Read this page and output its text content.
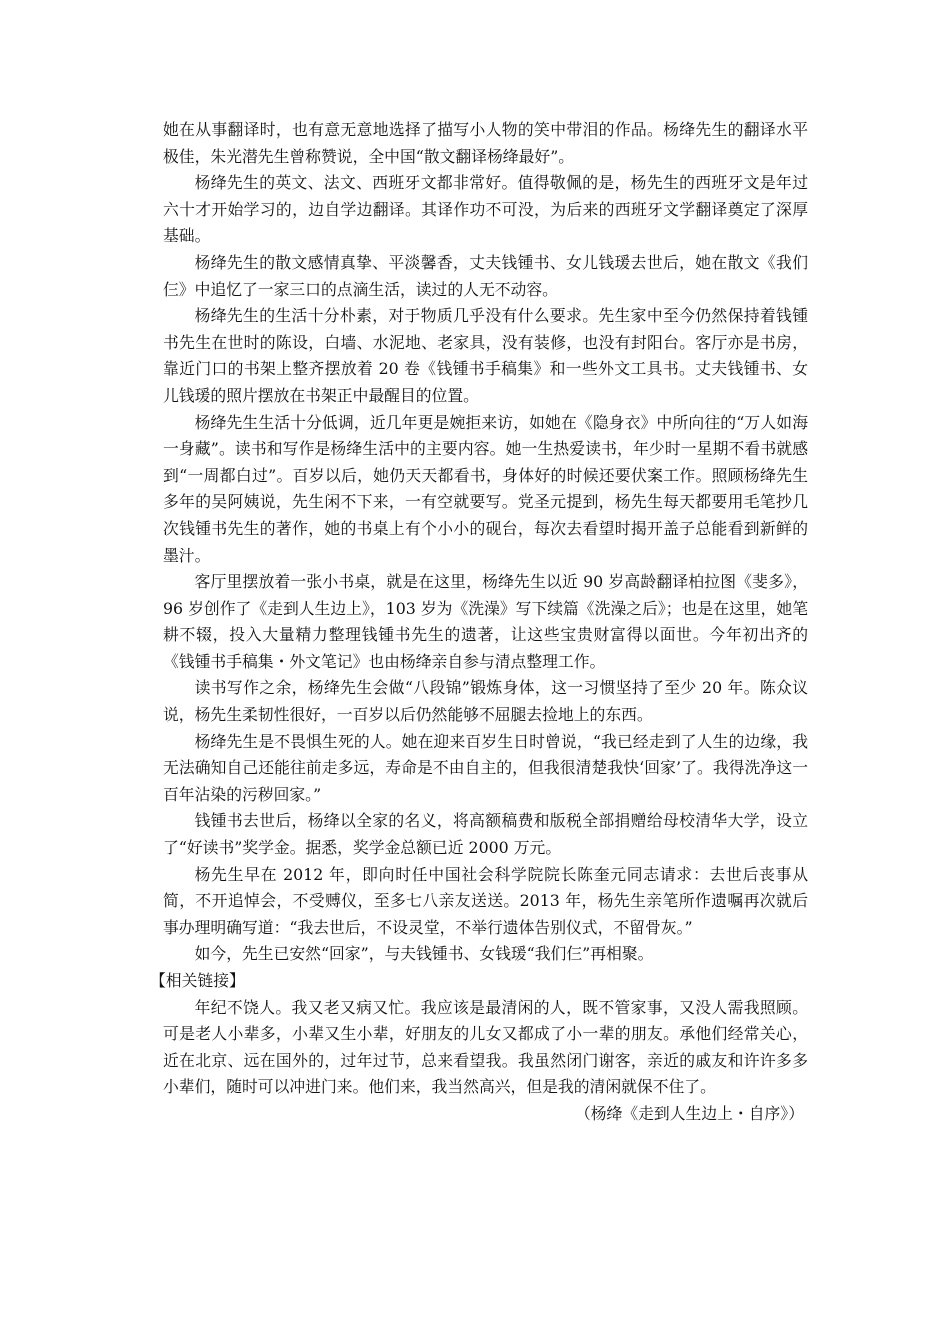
她在从事翻译时，也有意无意地选择了描写小人物的笑中带泪的作品。杨绛先生的翻译水平极佳，朱光潜先生曾称赞说，全中国“散文翻译杨绛最好”。

杨绛先生的英文、法文、西班牙文都非常好。值得敬佩的是，杨先生的西班牙文是年过六十才开始学习的，边自学边翻译。其译作功不可没，为后来的西班牙文学翻译奠定了深厚基础。

杨绛先生的散文感情真挚、平淡馨香，丈夫钱锺书、女儿钱瑗去世后，她在散文《我们仨》中追忆了一家三口的点滴生活，读过的人无不动容。

杨绛先生的生活十分朴素，对于物质几乎没有什么要求。先生家中至今仍然保持着钱锺书先生在世时的陈设，白墙、水泥地、老家具，没有装修，也没有封阳台。客厅亦是书房，靠近门口的书架上整齐摆放着 20 卷《钱锺书手稿集》和一些外文工具书。丈夫钱锺书、女儿钱瑗的照片摆放在书架正中最醒目的位置。

杨绛先生生活十分低调，近几年更是婉拒来访，如她在《隐身衣》中所向往的“万人如海一身藏”。读书和写作是杨绛生活中的主要内容。她一生热爱读书，年少时一星期不看书就感到“一周都白过”。百岁以后，她仍天天都看书，身体好的时候还要伏案工作。照顾杨绛先生多年的吴阿姨说，先生闲不下来，一有空就要写。党圣元提到，杨先生每天都要用毛笔抄几次钱锺书先生的著作，她的书桌上有个小小的砚台，每次去看望时揭开盖子总能看到新鲜的墨汁。

客厅里摆放着一张小书桌，就是在这里，杨绛先生以近 90 岁高龄翻译柏拉图《斐多》，96 岁创作了《走到人生边上》，103 岁为《洗澡》写下续篇《洗澡之后》；也是在这里，她笔耕不辍，投入大量精力整理钱锺书先生的遗著，让这些宝贵财富得以面世。今年初出齐的《钱锺书手稿集・外文笔记》也由杨绛亲自参与清点整理工作。

读书写作之余，杨绛先生会做“八段锦”锻炼身体，这一习惯坚持了至少 20 年。陈众议说，杨先生柔韧性很好，一百岁以后仍然能够不屈腿去捡地上的东西。

杨绛先生是不畏惧生死的人。她在迎来百岁生日时曾说，“我已经走到了人生的边缘，我无法确知自己还能往前走多远，寿命是不由自主的，但我很清楚我快‘回家’了。我得洗净这一百年沾染的污秽回家。”

钱锺书去世后，杨绛以全家的名义，将高额稿费和版税全部捐赠给母校清华大学，设立了“好读书”奖学金。据悉，奖学金总额已近 2000 万元。

杨先生早在 2012 年，即向时任中国社会科学院院长陈奎元同志请求：去世后丧事从简，不开追悼会，不受赙仪，至多七八亲友送送。2013 年，杨先生亲笔所作遗嘱再次就后事办理明确写道：“我去世后，不设灵堂，不举行遗体告别仪式，不留骨灰。”

如今，先生已安然“回家”，与夫钱锺书、女钱瑗“我们仨”再相聚。

【相关链接】

年纪不饶人。我又老又病又忙。我应该是最清闲的人，既不管家事，又没人需我照顾。可是老人小辈多，小辈又生小辈，好朋友的儿女又都成了小一辈的朋友。承他们经常关心，近在北京、远在国外的，过年过节，总来看望我。我虽然闭门谢客，亲近的戚友和许许多多小辈们，随时可以冲进门来。他们来，我当然高兴，但是我的清闲就保不住了。

（杨绛《走到人生边上・自序》）
